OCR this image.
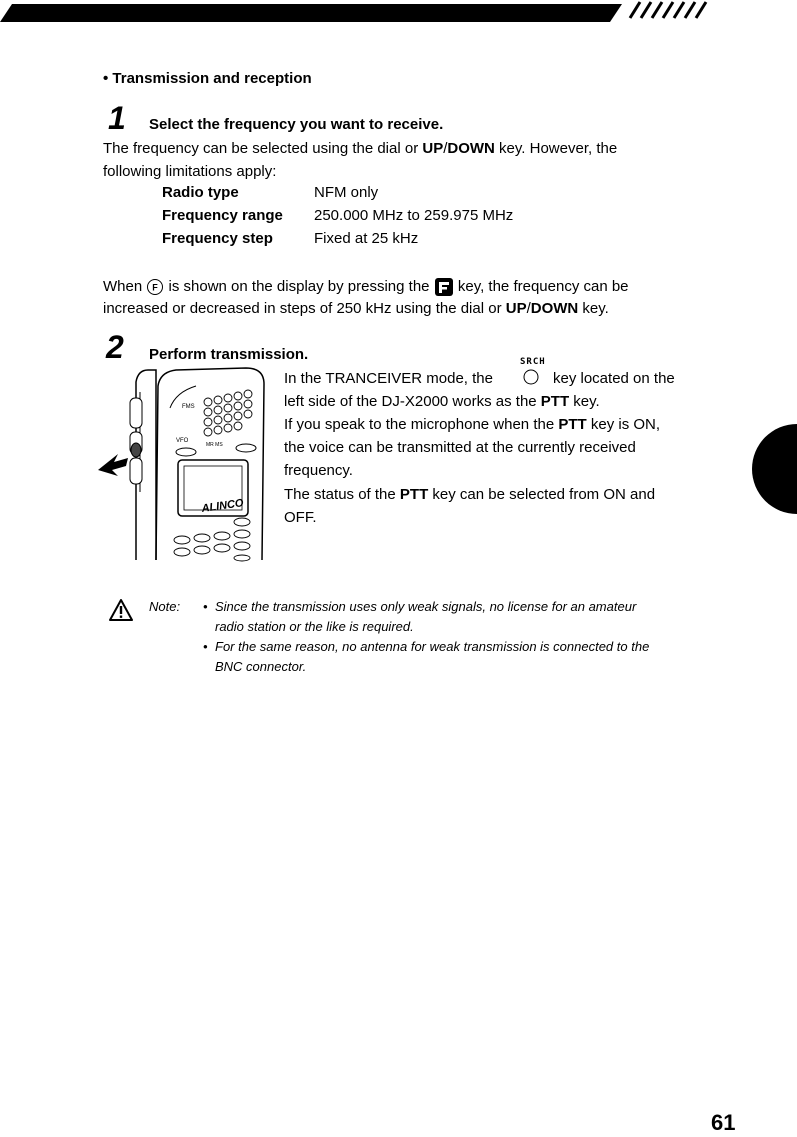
• Transmission and reception
1 Select the frequency you want to receive.
The frequency can be selected using the dial or UP/DOWN key. However, the
following limitations apply:
Radio type	NFM only
Frequency range 250.000 MHz to 259.975 MHz
Frequency step	Fixed at 25 kHz
When F is shown on the display by pressing the  key, the frequency can be
increased or decreased in steps of 250 kHz using the dial or UP/DOWN key.
2 Perform transmission.	SRCH
In the TRANCEIVER mode, the	key located on the
left side of the DJ-X2000 works as the PTT key.
If you speak to the microphone when the PTT key is ON,
the voice can be transmitted at the currently received
frequency.
The status of the PTT key can be selected from ON and
OFF.
FMS
MR MS
VFO
ALINCO
Note: • Since the transmission uses only weak signals, no license for an amateur
radio station or the like is required.
• For the same reason, no antenna for weak transmission is connected to the
BNC connector.
61
